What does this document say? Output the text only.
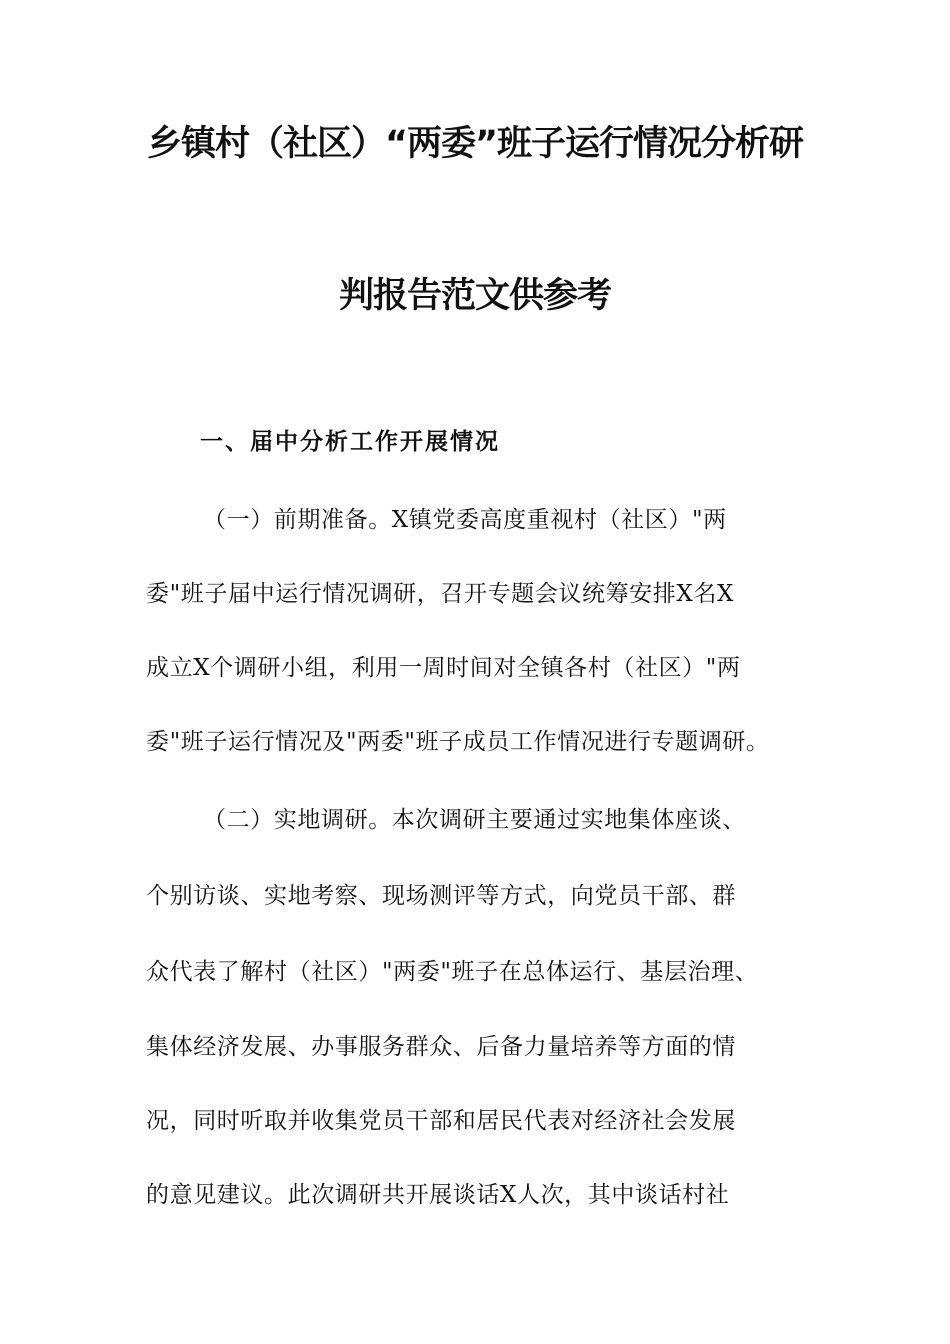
乡镇村（社区）“两委”班子运行情况分析研
判报告范文供参考
一、届中分析工作开展情况
（一）前期准备。X镇党委高度重视村（社区）"两
委"班子届中运行情况调研，召开专题会议统筹安排X名X
成立X个调研小组，利用一周时间对全镇各村（社区）"两
委"班子运行情况及"两委"班子成员工作情况进行专题调研。
（二）实地调研。本次调研主要通过实地集体座谈、
个别访谈、实地考察、现场测评等方式，向党员干部、群
众代表了解村（社区）"两委"班子在总体运行、基层治理、
集体经济发展、办事服务群众、后备力量培养等方面的情
况，同时听取并收集党员干部和居民代表对经济社会发展
的意见建议。此次调研共开展谈话X人次，其中谈话村社
